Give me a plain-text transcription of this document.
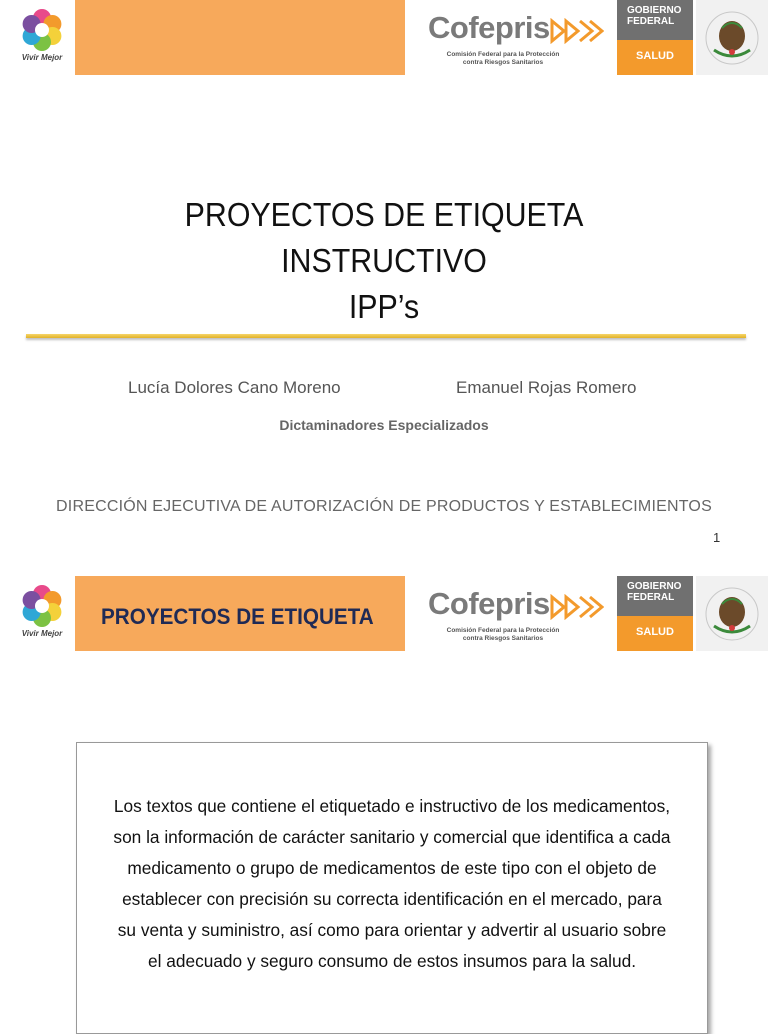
Vivir Mejor
Cofepris
Comisión Federal para la Protección
contra Riesgos Sanitarios
GOBIERNO
FEDERAL
SALUD
PROYECTOS DE ETIQUETA
INSTRUCTIVO
IPP’s
Lucía Dolores Cano Moreno	Emanuel Rojas Romero
Dictaminadores Especializados
DIRECCIÓN EJECUTIVA DE AUTORIZACIÓN DE PRODUCTOS Y ESTABLECIMIENTOS
1
Vivir Mejor
PROYECTOS DE ETIQUETA Cofepris
Comisión Federal para la Protección
contra Riesgos Sanitarios
GOBIERNO
FEDERAL
SALUD

Los textos que contiene el etiquetado e instructivo de los medicamentos,
son la información de carácter sanitario y comercial que identifica a cada
medicamento o grupo de medicamentos de este tipo con el objeto de
establecer con precisión su correcta identificación en el mercado, para
su venta y suministro, así como para orientar y advertir al usuario sobre
el adecuado y seguro consumo de estos insumos para la salud.
